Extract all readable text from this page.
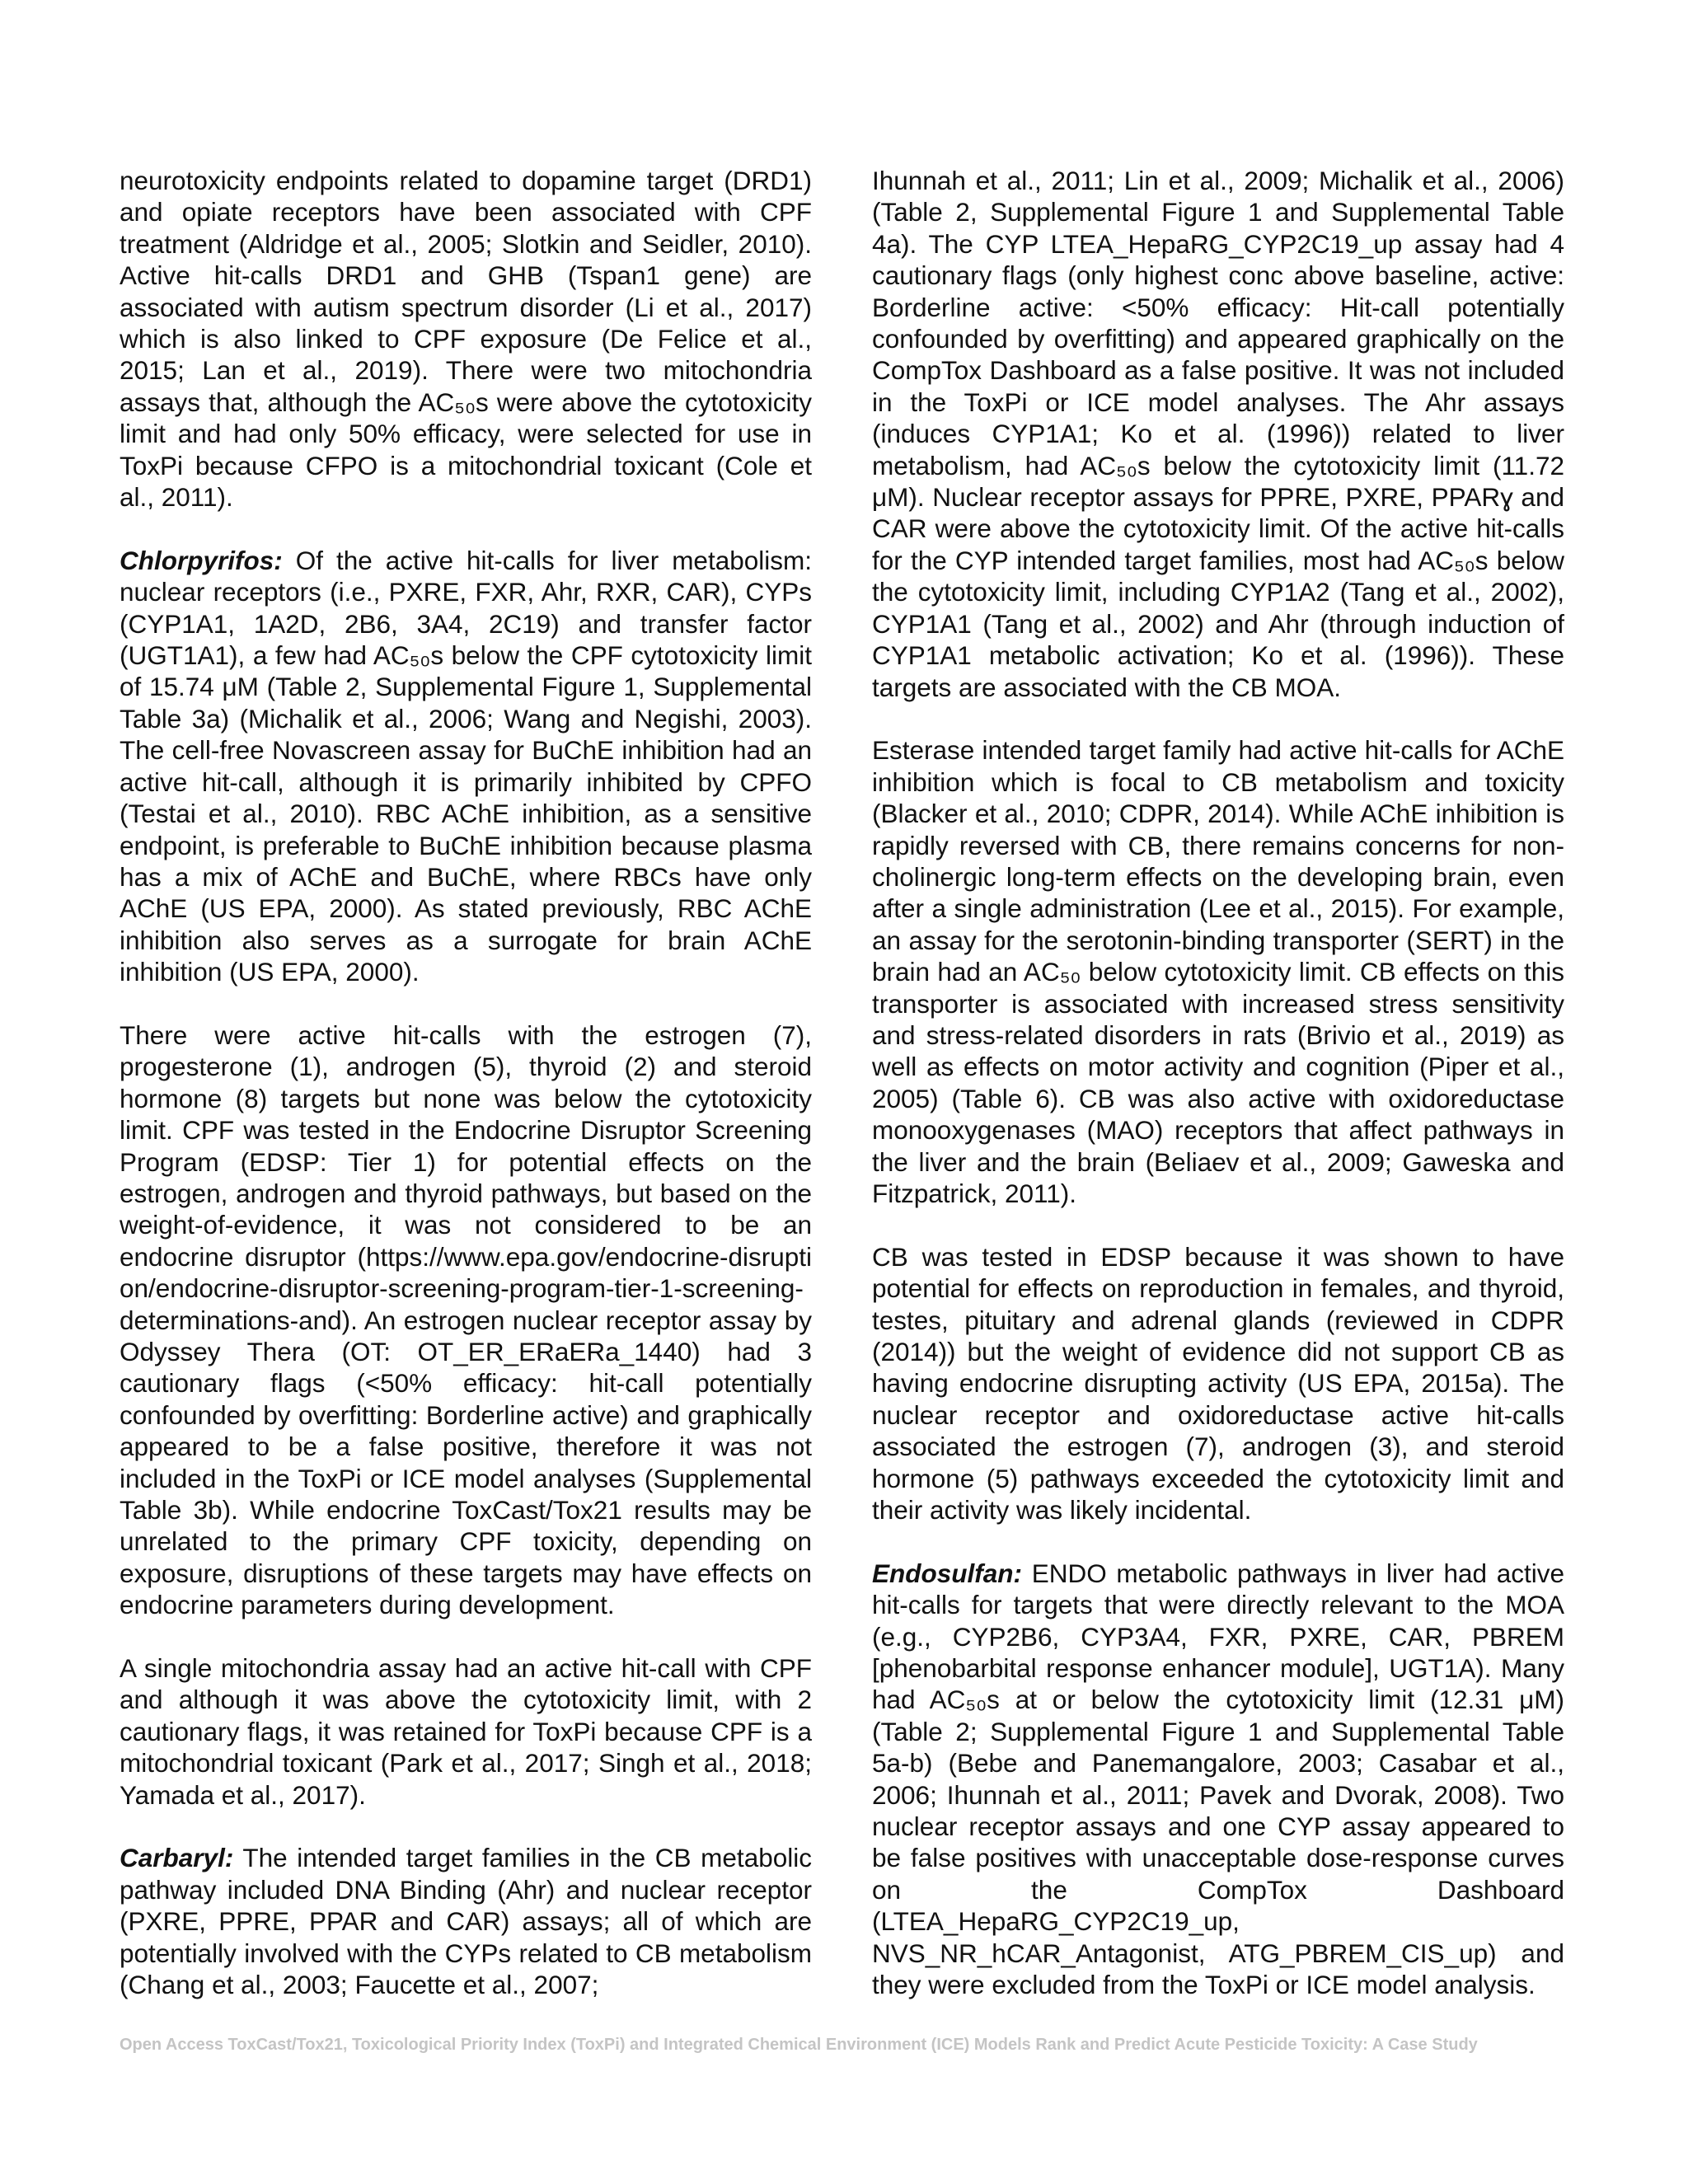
neurotoxicity endpoints related to dopamine target (DRD1) and opiate receptors have been associated with CPF treatment (Aldridge et al., 2005; Slotkin and Seidler, 2010). Active hit-calls DRD1 and GHB (Tspan1 gene) are associated with autism spectrum disorder (Li et al., 2017) which is also linked to CPF exposure (De Felice et al., 2015; Lan et al., 2019). There were two mitochondria assays that, although the AC₅₀s were above the cytotoxicity limit and had only 50% efficacy, were selected for use in ToxPi because CFPO is a mitochondrial toxicant (Cole et al., 2011).

Chlorpyrifos: Of the active hit-calls for liver metabolism: nuclear receptors (i.e., PXRE, FXR, Ahr, RXR, CAR), CYPs (CYP1A1, 1A2D, 2B6, 3A4, 2C19) and transfer factor (UGT1A1), a few had AC₅₀s below the CPF cytotoxicity limit of 15.74 μM (Table 2, Supplemental Figure 1, Supplemental Table 3a) (Michalik et al., 2006; Wang and Negishi, 2003). The cell-free Novascreen assay for BuChE inhibition had an active hit-call, although it is primarily inhibited by CPFO (Testai et al., 2010). RBC AChE inhibition, as a sensitive endpoint, is preferable to BuChE inhibition because plasma has a mix of AChE and BuChE, where RBCs have only AChE (US EPA, 2000). As stated previously, RBC AChE inhibition also serves as a surrogate for brain AChE inhibition (US EPA, 2000).

There were active hit-calls with the estrogen (7), progesterone (1), androgen (5), thyroid (2) and steroid hormone (8) targets but none was below the cytotoxicity limit. CPF was tested in the Endocrine Disruptor Screening Program (EDSP: Tier 1) for potential effects on the estrogen, androgen and thyroid pathways, but based on the weight-of-evidence, it was not considered to be an endocrine disruptor (https://www.epa.gov/endocrine-disruption/endocrine-disruptor-screening-program-tier-1-screening-determinations-and). An estrogen nuclear receptor assay by Odyssey Thera (OT: OT_ER_ERaERa_1440) had 3 cautionary flags (<50% efficacy: hit-call potentially confounded by overfitting: Borderline active) and graphically appeared to be a false positive, therefore it was not included in the ToxPi or ICE model analyses (Supplemental Table 3b). While endocrine ToxCast/Tox21 results may be unrelated to the primary CPF toxicity, depending on exposure, disruptions of these targets may have effects on endocrine parameters during development.

A single mitochondria assay had an active hit-call with CPF and although it was above the cytotoxicity limit, with 2 cautionary flags, it was retained for ToxPi because CPF is a mitochondrial toxicant (Park et al., 2017; Singh et al., 2018; Yamada et al., 2017).

Carbaryl: The intended target families in the CB metabolic pathway included DNA Binding (Ahr) and nuclear receptor (PXRE, PPRE, PPAR and CAR) assays; all of which are potentially involved with the CYPs related to CB metabolism (Chang et al., 2003; Faucette et al., 2007;

Ihunnah et al., 2011; Lin et al., 2009; Michalik et al., 2006) (Table 2, Supplemental Figure 1 and Supplemental Table 4a). The CYP LTEA_HepaRG_CYP2C19_up assay had 4 cautionary flags (only highest conc above baseline, active: Borderline active: <50% efficacy: Hit-call potentially confounded by overfitting) and appeared graphically on the CompTox Dashboard as a false positive. It was not included in the ToxPi or ICE model analyses. The Ahr assays (induces CYP1A1; Ko et al. (1996)) related to liver metabolism, had AC₅₀s below the cytotoxicity limit (11.72 μM). Nuclear receptor assays for PPRE, PXRE, PPARɣ and CAR were above the cytotoxicity limit. Of the active hit-calls for the CYP intended target families, most had AC₅₀s below the cytotoxicity limit, including CYP1A2 (Tang et al., 2002), CYP1A1 (Tang et al., 2002) and Ahr (through induction of CYP1A1 metabolic activation; Ko et al. (1996)). These targets are associated with the CB MOA.

Esterase intended target family had active hit-calls for AChE inhibition which is focal to CB metabolism and toxicity (Blacker et al., 2010; CDPR, 2014). While AChE inhibition is rapidly reversed with CB, there remains concerns for non-cholinergic long-term effects on the developing brain, even after a single administration (Lee et al., 2015). For example, an assay for the serotonin-binding transporter (SERT) in the brain had an AC₅₀ below cytotoxicity limit. CB effects on this transporter is associated with increased stress sensitivity and stress-related disorders in rats (Brivio et al., 2019) as well as effects on motor activity and cognition (Piper et al., 2005) (Table 6). CB was also active with oxidoreductase monooxygenases (MAO) receptors that affect pathways in the liver and the brain (Beliaev et al., 2009; Gaweska and Fitzpatrick, 2011).

CB was tested in EDSP because it was shown to have potential for effects on reproduction in females, and thyroid, testes, pituitary and adrenal glands (reviewed in CDPR (2014)) but the weight of evidence did not support CB as having endocrine disrupting activity (US EPA, 2015a). The nuclear receptor and oxidoreductase active hit-calls associated the estrogen (7), androgen (3), and steroid hormone (5) pathways exceeded the cytotoxicity limit and their activity was likely incidental.

Endosulfan: ENDO metabolic pathways in liver had active hit-calls for targets that were directly relevant to the MOA (e.g., CYP2B6, CYP3A4, FXR, PXRE, CAR, PBREM [phenobarbital response enhancer module], UGT1A). Many had AC₅₀s at or below the cytotoxicity limit (12.31 μM) (Table 2; Supplemental Figure 1 and Supplemental Table 5a-b) (Bebe and Panemangalore, 2003; Casabar et al., 2006; Ihunnah et al., 2011; Pavek and Dvorak, 2008). Two nuclear receptor assays and one CYP assay appeared to be false positives with unacceptable dose-response curves on the CompTox Dashboard (LTEA_HepaRG_CYP2C19_up, NVS_NR_hCAR_Antagonist, ATG_PBREM_CIS_up) and they were excluded from the ToxPi or ICE model analysis.

Open Access ToxCast/Tox21, Toxicological Priority Index (ToxPi) and Integrated Chemical Environment (ICE) Models Rank and Predict Acute Pesticide Toxicity: A Case Study
